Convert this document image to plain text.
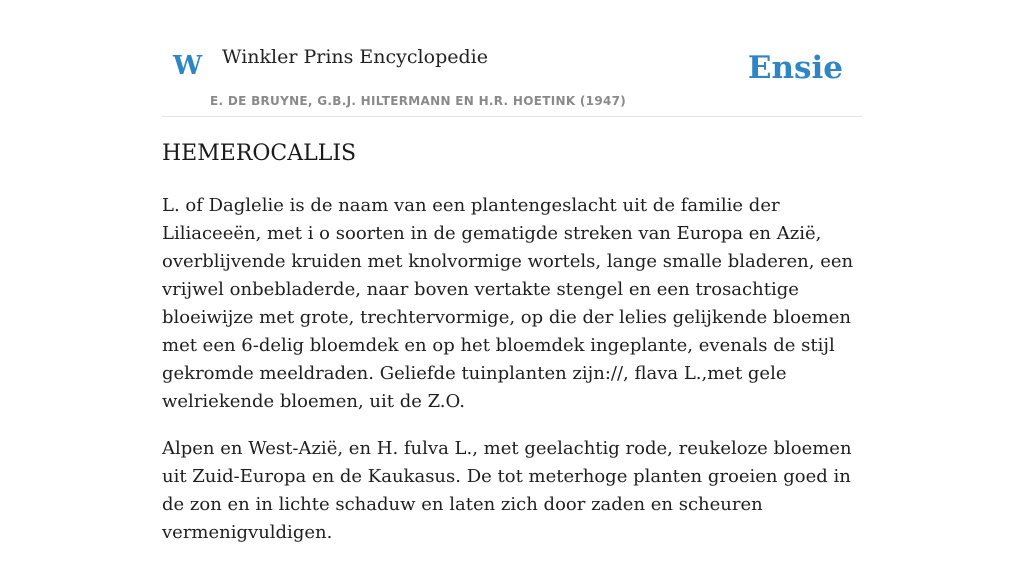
W Winkler Prins Encyclopedie
E. DE BRUYNE, G.B.J. HILTERMANN EN H.R. HOETINK (1947)
Ensie
HEMEROCALLIS

L. of Daglelie is de naam van een plantengeslacht uit de familie der Liliaceeën, met i o soorten in de gematigde streken van Europa en Azië, overblijvende kruiden met knolvormige wortels, lange smalle bladeren, een vrijwel onbebladerde, naar boven vertakte stengel en een trosachtige bloeiwijze met grote, trechtervormige, op die der lelies gelijkende bloemen met een 6-delig bloemdek en op het bloemdek ingeplante, evenals de stijl gekromde meeldraden. Geliefde tuinplanten zijn://, flava L.,met gele welriekende bloemen, uit de Z.O.

Alpen en West-Azië, en H. fulva L., met geelachtig rode, reukeloze bloemen uit Zuid-Europa en de Kaukasus. De tot meterhoge planten groeien goed in de zon en in lichte schaduw en laten zich door zaden en scheuren vermenigvuldigen.
